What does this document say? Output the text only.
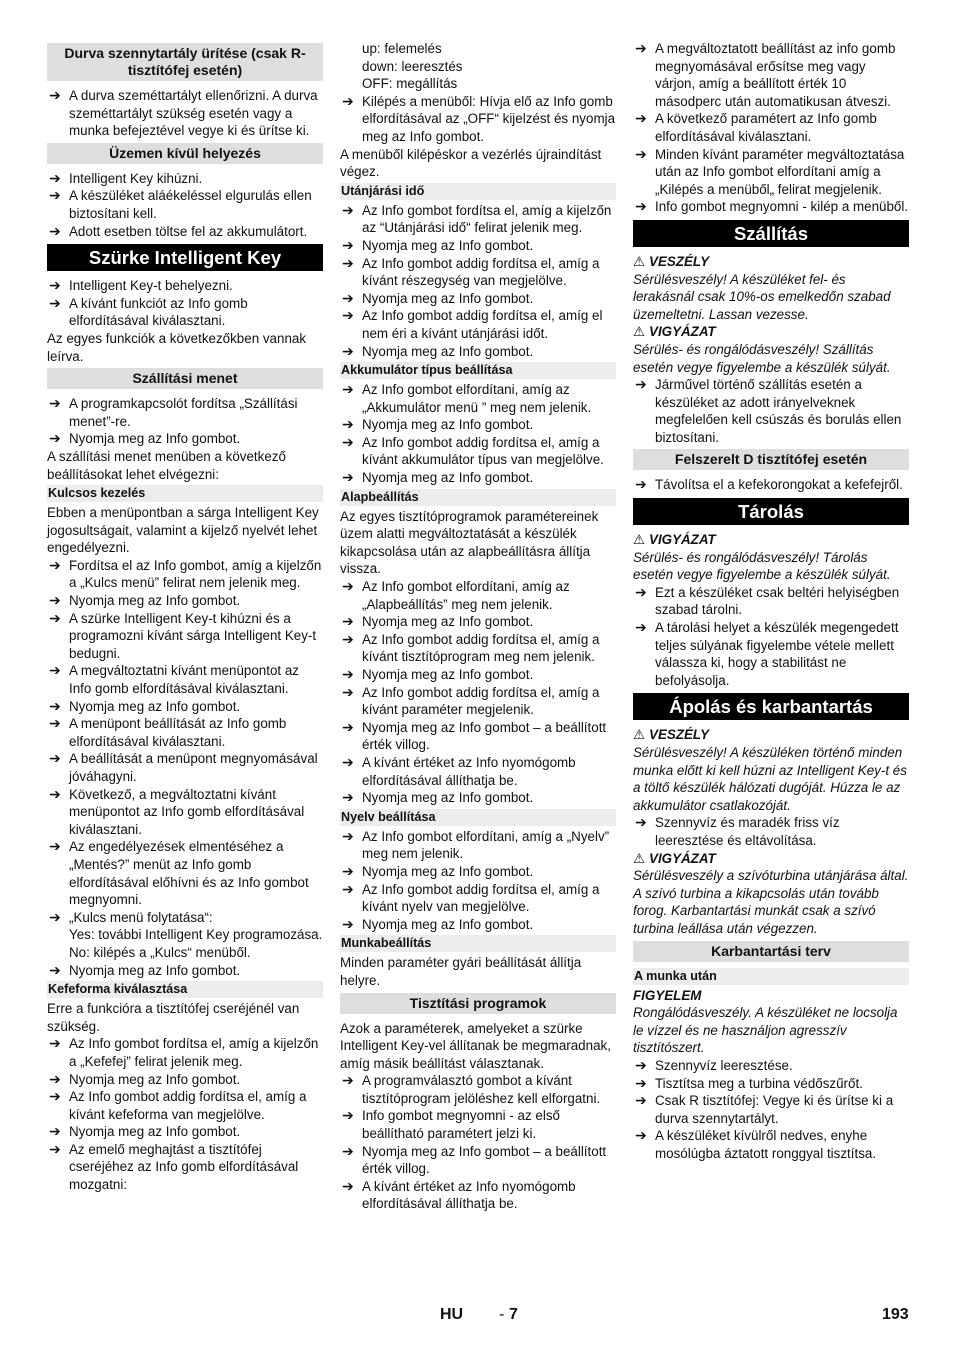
Durva szennytartály ürítése (csak R-tisztítófej esetén)
➔ A durva szeméttartályt ellenőrizni. A durva szeméttartályt szükség esetén vagy a munka befejeztével vegye ki és ürítse ki.
Üzemen kívül helyezés
➔ Intelligent Key kihúzni.
➔ A készüléket aláékeléssel elgurulás ellen biztosítani kell.
➔ Adott esetben töltse fel az akkumulátort.
Szürke Intelligent Key
➔ Intelligent Key-t behelyezni.
➔ A kívánt funkciót az Info gomb elfordításával kiválasztani.
Az egyes funkciók a következőkben vannak leírva.
Szállítási menet
➔ A programkapcsolót fordítsa „Szállítási menet”-re.
➔ Nyomja meg az Info gombot.
A szállítási menet menüben a következő beállításokat lehet elvégezni:
Kulcsos kezelés
Ebben a menüpontban a sárga Intelligent Key jogosultságait, valamint a kijelző nyelvét lehet engedélyezni.
➔ Fordítsa el az Info gombot, amíg a kijelzőn a „Kulcs menü” felirat nem jelenik meg.
➔ Nyomja meg az Info gombot.
➔ A szürke Intelligent Key-t kihúzni és a programozni kívánt sárga Intelligent Key-t bedugni.
➔ A megváltoztatni kívánt menüpontot az Info gomb elfordításával kiválasztani.
➔ Nyomja meg az Info gombot.
➔ A menüpont beállítását az Info gomb elfordításával kiválasztani.
➔ A beállítását a menüpont megnyomásával jóváhagyni.
➔ Következő, a megváltoztatni kívánt menüpontot az Info gomb elfordításával kiválasztani.
➔ Az engedélyezések elmentéséhez a „Mentés?” menüt az Info gomb elfordításával előhívni és az Info gombot megnyomni.
➔ „Kulcs menü folytatása“:
Yes: további Intelligent Key programozása.
No: kilépés a „Kulcs“ menüből.
➔ Nyomja meg az Info gombot.
Kefeforma kiválasztása
Erre a funkcióra a tisztítófej cseréjénél van szükség.
➔ Az Info gombot fordítsa el, amíg a kijelzőn a „Kefefej” felirat jelenik meg.
➔ Nyomja meg az Info gombot.
➔ Az Info gombot addig fordítsa el, amíg a kívánt kefeforma van megjelölve.
➔ Nyomja meg az Info gombot.
➔ Az emelő meghajtást a tisztítófej cseréjéhez az Info gomb elfordításával mozgatni:
up: felemelés
down: leeresztés
OFF: megállítás
➔ Kilépés a menüből: Hívja elő az Info gomb elfordításával az „OFF“ kijelzést és nyomja meg az Info gombot.
A menüből kilépéskor a vezérlés újraindítást végez.
Utánjárási idő
➔ Az Info gombot fordítsa el, amíg a kijelzőn az “Utánjárási idő“ felirat jelenik meg.
➔ Nyomja meg az Info gombot.
➔ Az Info gombot addig fordítsa el, amíg a kívánt részegység van megjelölve.
➔ Nyomja meg az Info gombot.
➔ Az Info gombot addig fordítsa el, amíg el nem éri a kívánt utánjárási időt.
➔ Nyomja meg az Info gombot.
Akkumulátor típus beállítása
➔ Az Info gombot elfordítani, amíg az „Akkumulátor menü ” meg nem jelenik.
➔ Nyomja meg az Info gombot.
➔ Az Info gombot addig fordítsa el, amíg a kívánt akkumulátor típus van megjelölve.
➔ Nyomja meg az Info gombot.
Alapbeállítás
Az egyes tisztítóprogramok paramétereinek üzem alatti megváltoztatását a készülék kikapcsolása után az alapbeállításra állítja vissza.
➔ Az Info gombot elfordítani, amíg az „Alapbeállítás” meg nem jelenik.
➔ Nyomja meg az Info gombot.
➔ Az Info gombot addig fordítsa el, amíg a kívánt tisztítóprogram meg nem jelenik.
➔ Nyomja meg az Info gombot.
➔ Az Info gombot addig fordítsa el, amíg a kívánt paraméter megjelenik.
➔ Nyomja meg az Info gombot – a beállított érték villog.
➔ A kívánt értéket az Info nyomógomb elfordításával állíthatja be.
➔ Nyomja meg az Info gombot.
Nyelv beállítása
➔ Az Info gombot elfordítani, amíg a „Nyelv” meg nem jelenik.
➔ Nyomja meg az Info gombot.
➔ Az Info gombot addig fordítsa el, amíg a kívánt nyelv van megjelölve.
➔ Nyomja meg az Info gombot.
Munkabeállítás
Minden paraméter gyári beállítását állítja helyre.
Tisztítási programok
Azok a paraméterek, amelyeket a szürke Intelligent Key-vel állítanak be megmaradnak, amíg másik beállítást választanak.
➔ A programválasztó gombot a kívánt tisztítóprogram jelöléshez kell elforgatni.
➔ Info gombot megnyomni - az első beállítható paramétert jelzi ki.
➔ Nyomja meg az Info gombot – a beállított érték villog.
➔ A kívánt értéket az Info nyomógomb elfordításával állíthatja be.
➔ A megváltoztatott beállítást az info gomb megnyomásával erősítse meg vagy várjon, amíg a beállított érték 10 másodperc után automatikusan átveszi.
➔ A következő paramétert az Info gomb elfordításával kiválasztani.
➔ Minden kívánt paraméter megváltoztatása után az Info gombot elfordítani amíg a „Kilépés a menüből„ felirat megjelenik.
➔ Info gombot megnyomni - kilép a menüből.
Szállítás
⚠ VESZÉLY
Sérülésveszély! A készüléket fel- és lerakásnál csak 10%-os emelkedőn szabad üzemeltetni. Lassan vezesse.
⚠ VIGYÁZAT
Sérülés- és rongálódásveszély! Szállítás esetén vegye figyelembe a készülék súlyát.
➔ Járművel történő szállítás esetén a készüléket az adott irányelveknek megfelelően kell csúszás és borulás ellen biztosítani.
Felszerelt D tisztítófej esetén
➔ Távolítsa el a kefekorongokat a kefefejről.
Tárolás
⚠ VIGYÁZAT
Sérülés- és rongálódásveszély! Tárolás esetén vegye figyelembe a készülék súlyát.
➔ Ezt a készüléket csak beltéri helyiségben szabad tárolni.
➔ A tárolási helyet a készülék megengedett teljes súlyának figyelembe vétele mellett válassza ki, hogy a stabilitást ne befolyásolja.
Ápolás és karbantartás
⚠ VESZÉLY
Sérülésveszély! A készüléken történő minden munka előtt ki kell húzni az Intelligent Key-t és a töltő készülék hálózati dugóját. Húzza le az akkumulátor csatlakozóját.
➔ Szennyvíz és maradék friss víz leeresztése és eltávolítása.
⚠ VIGYÁZAT
Sérülésveszély a szívóturbina utánjárása által.
A szívó turbina a kikapcsolás után tovább forog. Karbantartási munkát csak a szívó turbina leállása után végezzen.
Karbantartási terv
A munka után
FIGYELEM
Rongálódásveszély. A készüléket ne locsolja le vízzel és ne használjon agresszív tisztítószert.
➔ Szennyvíz leeresztése.
➔ Tisztítsa meg a turbina védőszűrőt.
➔ Csak R tisztítófej: Vegye ki és ürítse ki a durva szennytartályt.
➔ A készüléket kívülről nedves, enyhe mosólúgba áztatott ronggyal tisztítsa.
HU - 7	193
